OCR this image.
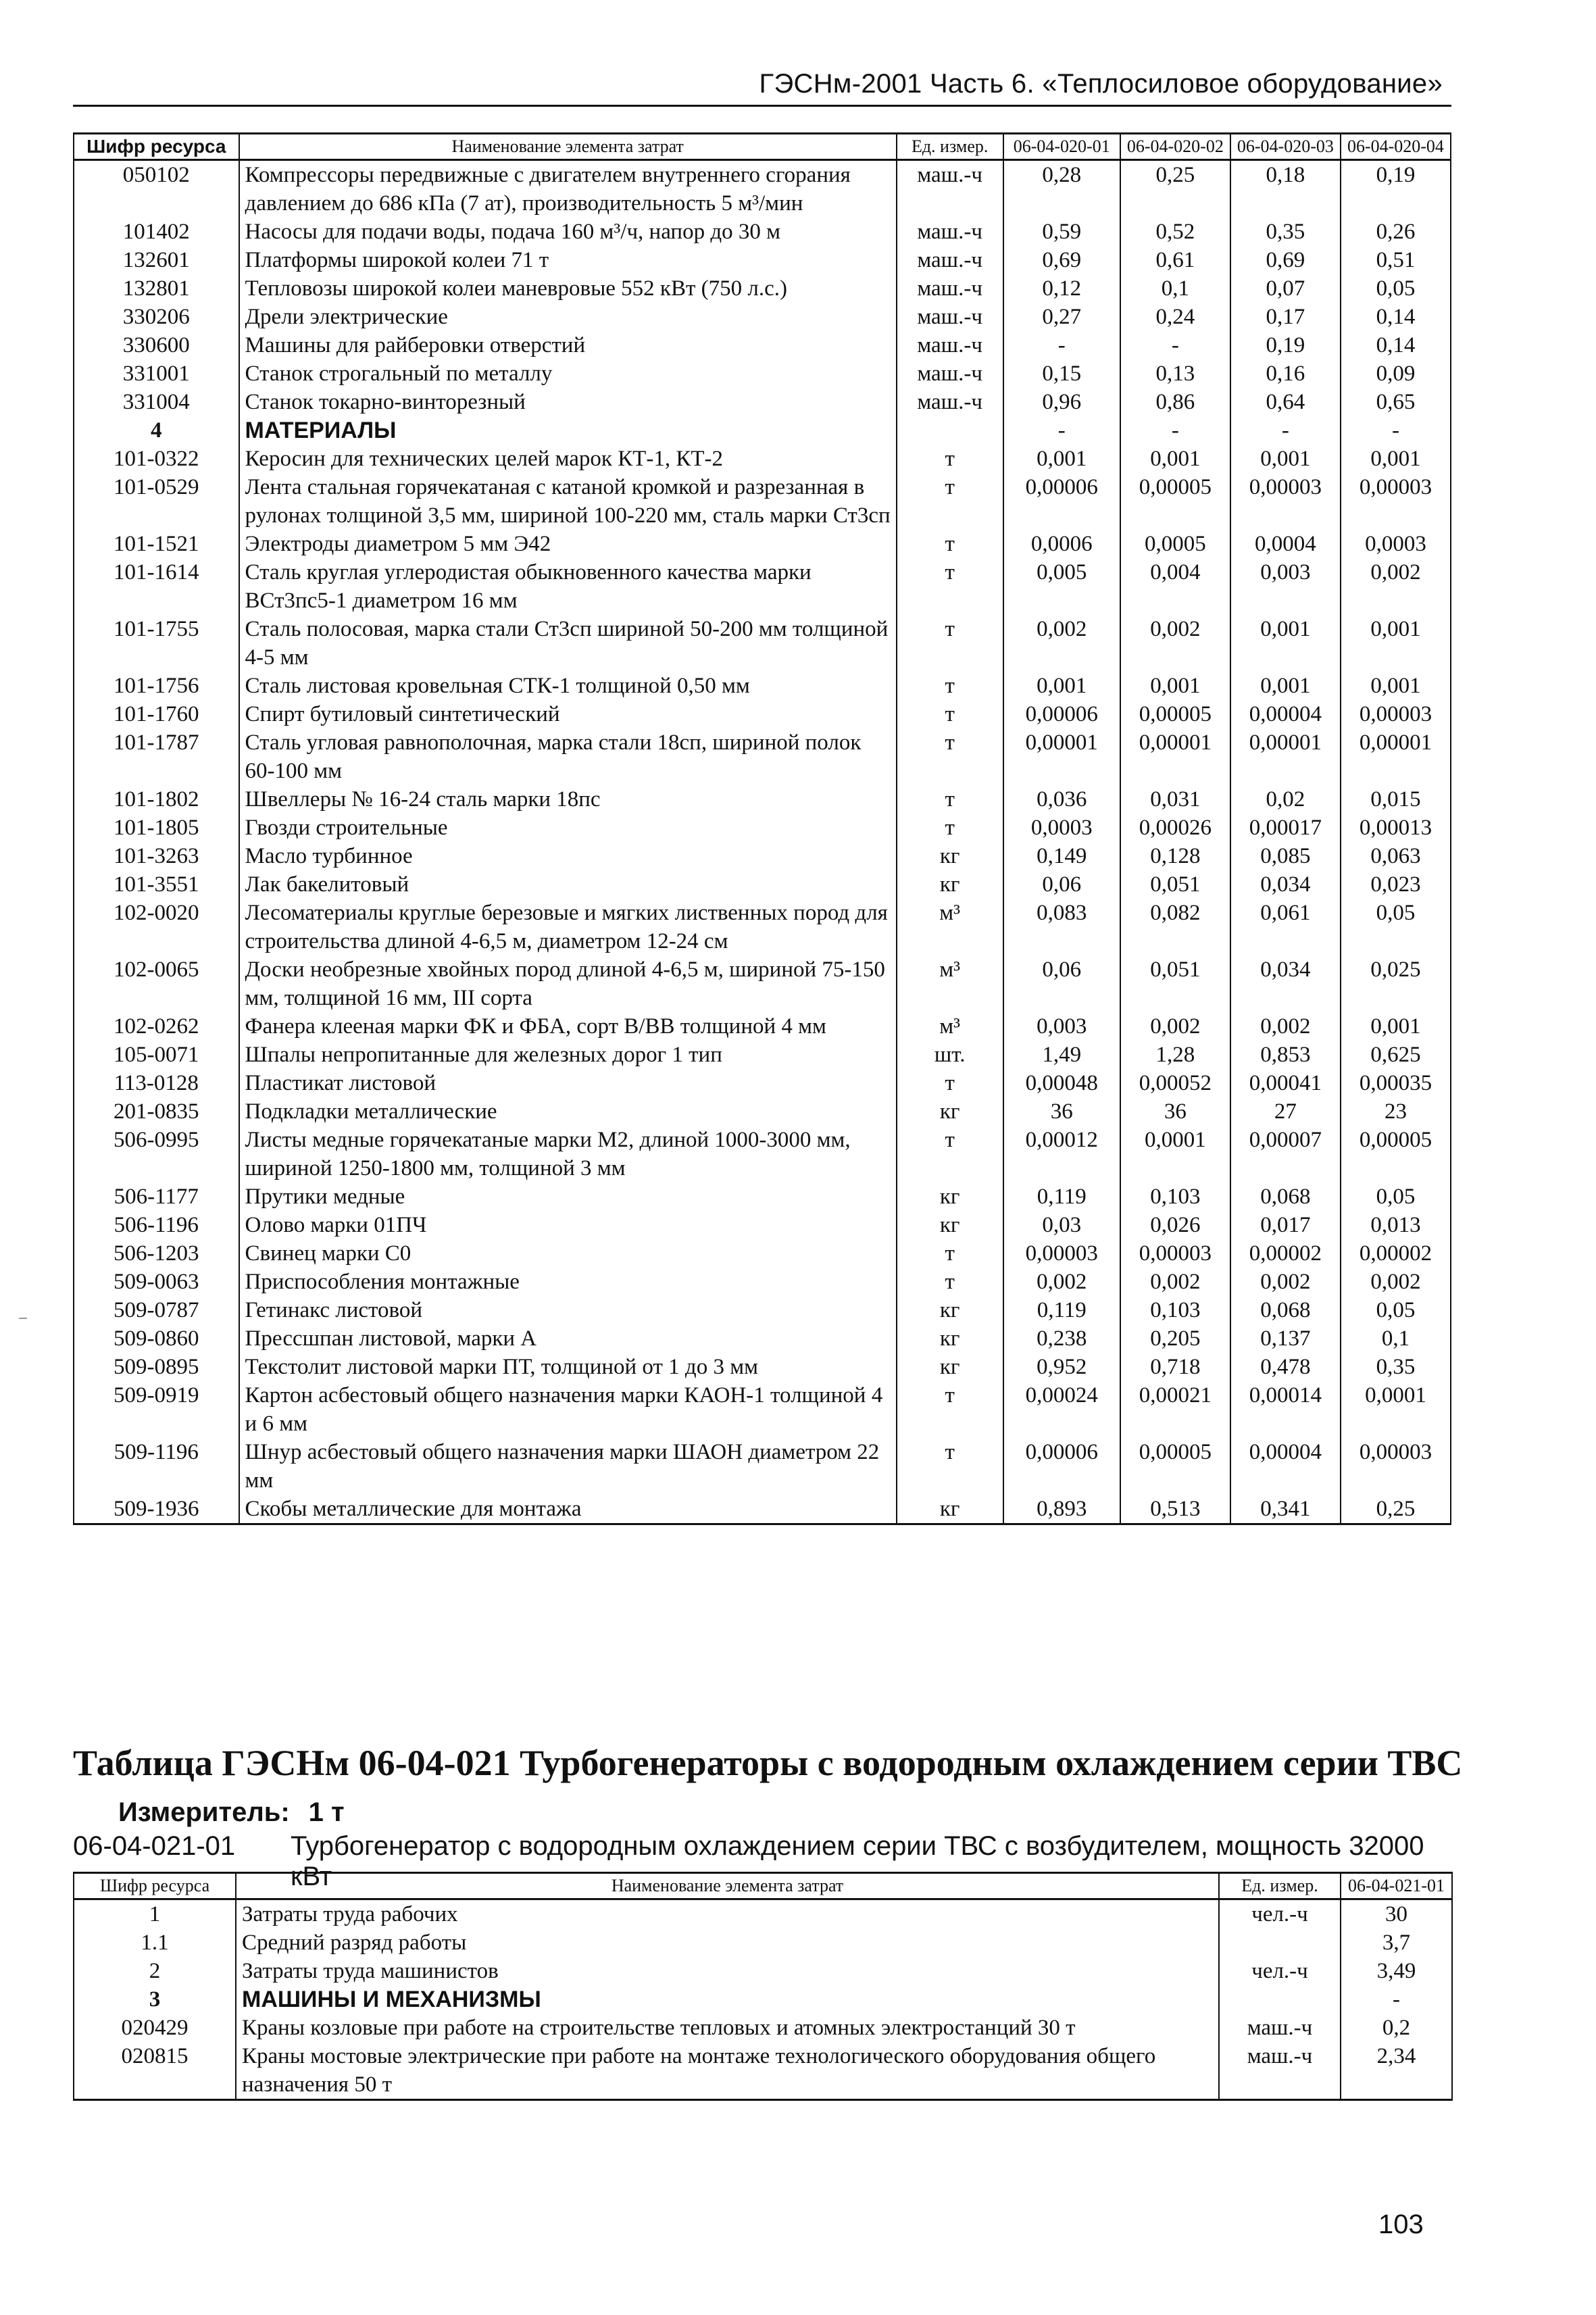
ГЭСНм-2001 Часть 6. «Теплосиловое оборудование»
Шифр ресурса	Наименование элемента затрат	Ед. измер.	06-04-020-01	06-04-020-02	06-04-020-03	06-04-020-04
050102	Компрессоры передвижные с двигателем внутреннего сгорания давлением до 686 кПа (7 ат), производительность 5 м³/мин	маш.-ч	0,28	0,25	0,18	0,19
101402	Насосы для подачи воды, подача 160 м³/ч, напор до 30 м	маш.-ч	0,59	0,52	0,35	0,26
132601	Платформы широкой колеи 71 т	маш.-ч	0,69	0,61	0,69	0,51
132801	Тепловозы широкой колеи маневровые 552 кВт (750 л.с.)	маш.-ч	0,12	0,1	0,07	0,05
330206	Дрели электрические	маш.-ч	0,27	0,24	0,17	0,14
330600	Машины для райберовки отверстий	маш.-ч	-	-	0,19	0,14
331001	Станок строгальный по металлу	маш.-ч	0,15	0,13	0,16	0,09
331004	Станок токарно-винторезный	маш.-ч	0,96	0,86	0,64	0,65
4	МАТЕРИАЛЫ		-	-	-	-
101-0322	Керосин для технических целей марок КТ-1, КТ-2	т	0,001	0,001	0,001	0,001
101-0529	Лента стальная горячекатаная с катаной кромкой и разрезанная в рулонах толщиной 3,5 мм, шириной 100-220 мм, сталь марки Ст3сп	т	0,00006	0,00005	0,00003	0,00003
101-1521	Электроды диаметром 5 мм Э42	т	0,0006	0,0005	0,0004	0,0003
101-1614	Сталь круглая углеродистая обыкновенного качества марки ВСт3пс5-1 диаметром 16 мм	т	0,005	0,004	0,003	0,002
101-1755	Сталь полосовая, марка стали Ст3сп шириной 50-200 мм толщиной 4-5 мм	т	0,002	0,002	0,001	0,001
101-1756	Сталь листовая кровельная СТК-1 толщиной 0,50 мм	т	0,001	0,001	0,001	0,001
101-1760	Спирт бутиловый синтетический	т	0,00006	0,00005	0,00004	0,00003
101-1787	Сталь угловая равнополочная, марка стали 18сп, шириной полок 60-100 мм	т	0,00001	0,00001	0,00001	0,00001
101-1802	Швеллеры № 16-24 сталь марки 18пс	т	0,036	0,031	0,02	0,015
101-1805	Гвозди строительные	т	0,0003	0,00026	0,00017	0,00013
101-3263	Масло турбинное	кг	0,149	0,128	0,085	0,063
101-3551	Лак бакелитовый	кг	0,06	0,051	0,034	0,023
102-0020	Лесоматериалы круглые березовые и мягких лиственных пород для строительства длиной 4-6,5 м, диаметром 12-24 см	м³	0,083	0,082	0,061	0,05
102-0065	Доски необрезные хвойных пород длиной 4-6,5 м, шириной 75-150 мм, толщиной 16 мм, III сорта	м³	0,06	0,051	0,034	0,025
102-0262	Фанера клееная марки ФК и ФБА, сорт В/ВВ толщиной 4 мм	м³	0,003	0,002	0,002	0,001
105-0071	Шпалы непропитанные для железных дорог 1 тип	шт.	1,49	1,28	0,853	0,625
113-0128	Пластикат листовой	т	0,00048	0,00052	0,00041	0,00035
201-0835	Подкладки металлические	кг	36	36	27	23
506-0995	Листы медные горячекатаные марки М2, длиной 1000-3000 мм, шириной 1250-1800 мм, толщиной 3 мм	т	0,00012	0,0001	0,00007	0,00005
506-1177	Прутики медные	кг	0,119	0,103	0,068	0,05
506-1196	Олово марки 01ПЧ	кг	0,03	0,026	0,017	0,013
506-1203	Свинец марки С0	т	0,00003	0,00003	0,00002	0,00002
509-0063	Приспособления монтажные	т	0,002	0,002	0,002	0,002
509-0787	Гетинакс листовой	кг	0,119	0,103	0,068	0,05
509-0860	Прессшпан листовой, марки А	кг	0,238	0,205	0,137	0,1
509-0895	Текстолит листовой марки ПТ, толщиной от 1 до 3 мм	кг	0,952	0,718	0,478	0,35
509-0919	Картон асбестовый общего назначения марки КАОН-1 толщиной 4 и 6 мм	т	0,00024	0,00021	0,00014	0,0001
509-1196	Шнур асбестовый общего назначения марки ШАОН диаметром 22 мм	т	0,00006	0,00005	0,00004	0,00003
509-1936	Скобы металлические для монтажа	кг	0,893	0,513	0,341	0,25
Таблица ГЭСНм 06-04-021 Турбогенераторы с водородным охлаждением серии ТВС
Измеритель: 1 т
06-04-021-01 Турбогенератор с водородным охлаждением серии ТВС с возбудителем, мощность 32000 кВт
Шифр ресурса	Наименование элемента затрат	Ед. измер.	06-04-021-01
1	Затраты труда рабочих	чел.-ч	30
1.1	Средний разряд работы		3,7
2	Затраты труда машинистов	чел.-ч	3,49
3	МАШИНЫ И МЕХАНИЗМЫ		-
020429	Краны козловые при работе на строительстве тепловых и атомных электростанций 30 т	маш.-ч	0,2
020815	Краны мостовые электрические при работе на монтаже технологического оборудования общего назначения 50 т	маш.-ч	2,34
103
